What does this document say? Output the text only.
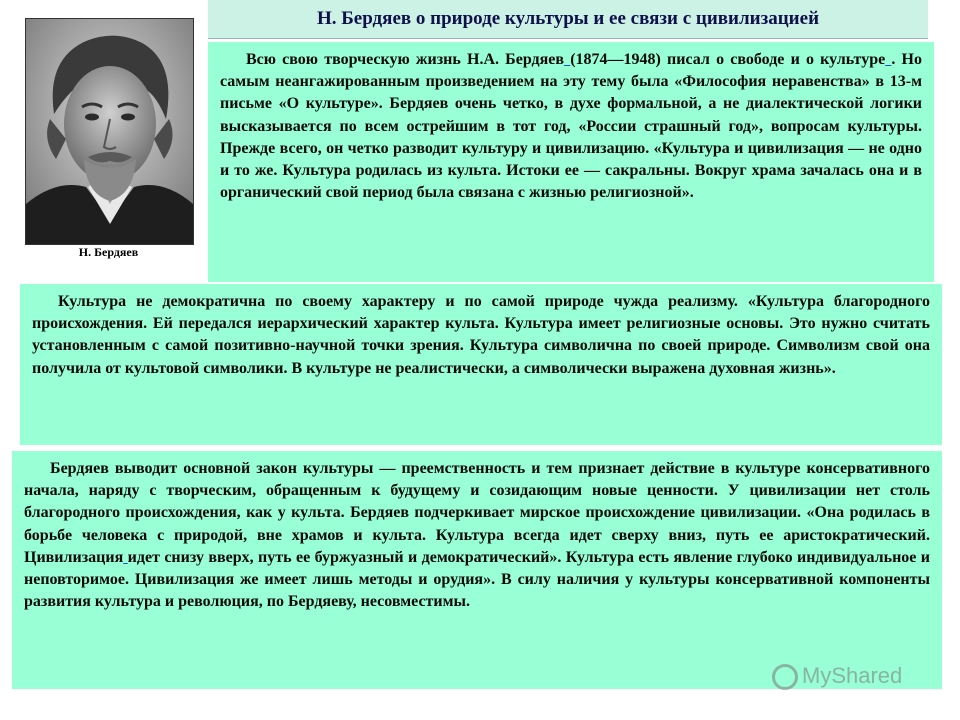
Н. Бердяев о природе культуры и ее связи с цивилизацией
Н. Бердяев

Всю свою творческую жизнь Н.А. Бердяев (1874—1948) писал о свободе и о культуре . Но самым неангажированным произведением на эту тему была «Философия неравенства» в 13-м письме «О культуре». Бердяев очень четко, в духе формальной, а не диалектической логики высказывается по всем острейшим в тот год, «России страшный год», вопросам культуры. Прежде всего, он четко разводит культуру и цивилизацию. «Культура и цивилизация — не одно и то же. Культура родилась из культа. Истоки ее — сакральны. Вокруг храма зачалась она и в органический свой период была связана с жизнью религиозной».

Культура не демократична по своему характеру и по самой природе чужда реализму. «Культура благородного происхождения. Ей передался иерархический характер культа. Культура имеет религиозные основы. Это нужно считать установленным с самой позитивно-научной точки зрения. Культура символична по своей природе. Символизм свой она получила от культовой символики. В культуре не реалистически, а символически выражена духовная жизнь».

Бердяев выводит основной закон культуры — преемственность и тем признает действие в культуре консервативного начала, наряду с творческим, обращенным к будущему и созидающим новые ценности. У цивилизации нет столь благородного происхождения, как у культа. Бердяев подчеркивает мирское происхождение цивилизации. «Она родилась в борьбе человека с природой, вне храмов и культа. Культура всегда идет сверху вниз, путь ее аристократический. Цивилизация идет снизу вверх, путь ее буржуазный и демократический». Культура есть явление глубоко индивидуальное и неповторимое. Цивилизация же имеет лишь методы и орудия». В силу наличия у культуры консервативной компоненты развития культура и революция, по Бердяеву, несовместимы.

MyShared
